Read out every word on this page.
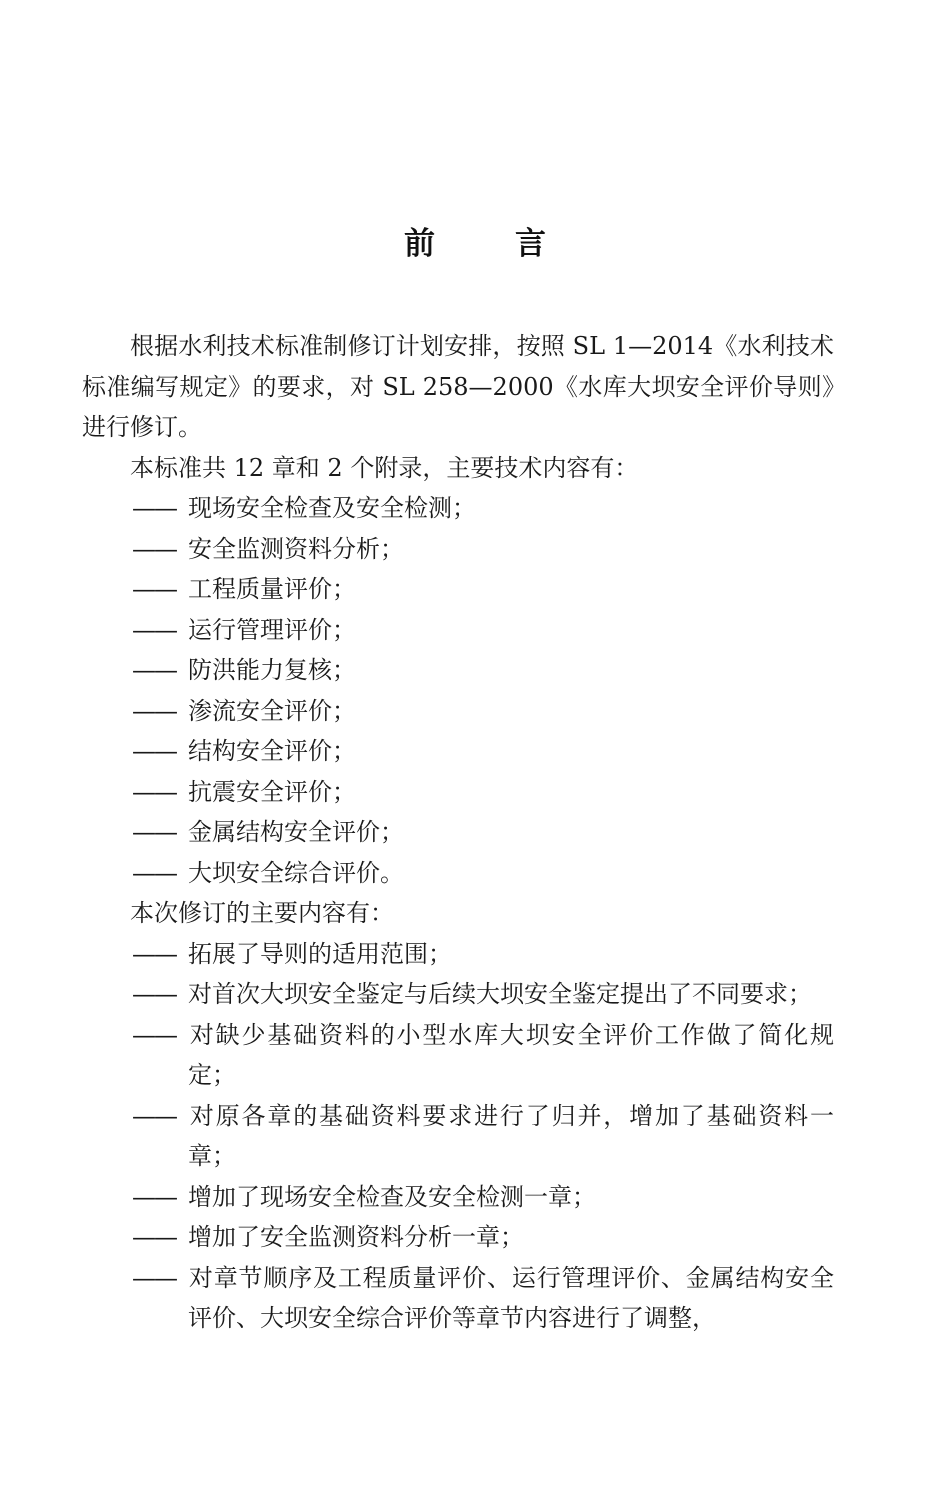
前	言

根据水利技术标准制修订计划安排，按照 SL 1—2014《水利技术标准编写规定》的要求，对 SL 258—2000《水库大坝安全评价导则》进行修订。

本标准共 12 章和 2 个附录，主要技术内容有：

—— 现场安全检查及安全检测；

—— 安全监测资料分析；

—— 工程质量评价；

—— 运行管理评价；

—— 防洪能力复核；

—— 渗流安全评价；

—— 结构安全评价；

—— 抗震安全评价；

—— 金属结构安全评价；

—— 大坝安全综合评价。

本次修订的主要内容有：

—— 拓展了导则的适用范围；

—— 对首次大坝安全鉴定与后续大坝安全鉴定提出了不同要求；

—— 对缺少基础资料的小型水库大坝安全评价工作做了简化规定；

—— 对原各章的基础资料要求进行了归并，增加了基础资料一章；

—— 增加了现场安全检查及安全检测一章；

—— 增加了安全监测资料分析一章；

—— 对章节顺序及工程质量评价、运行管理评价、金属结构安全评价、大坝安全综合评价等章节内容进行了调整，
